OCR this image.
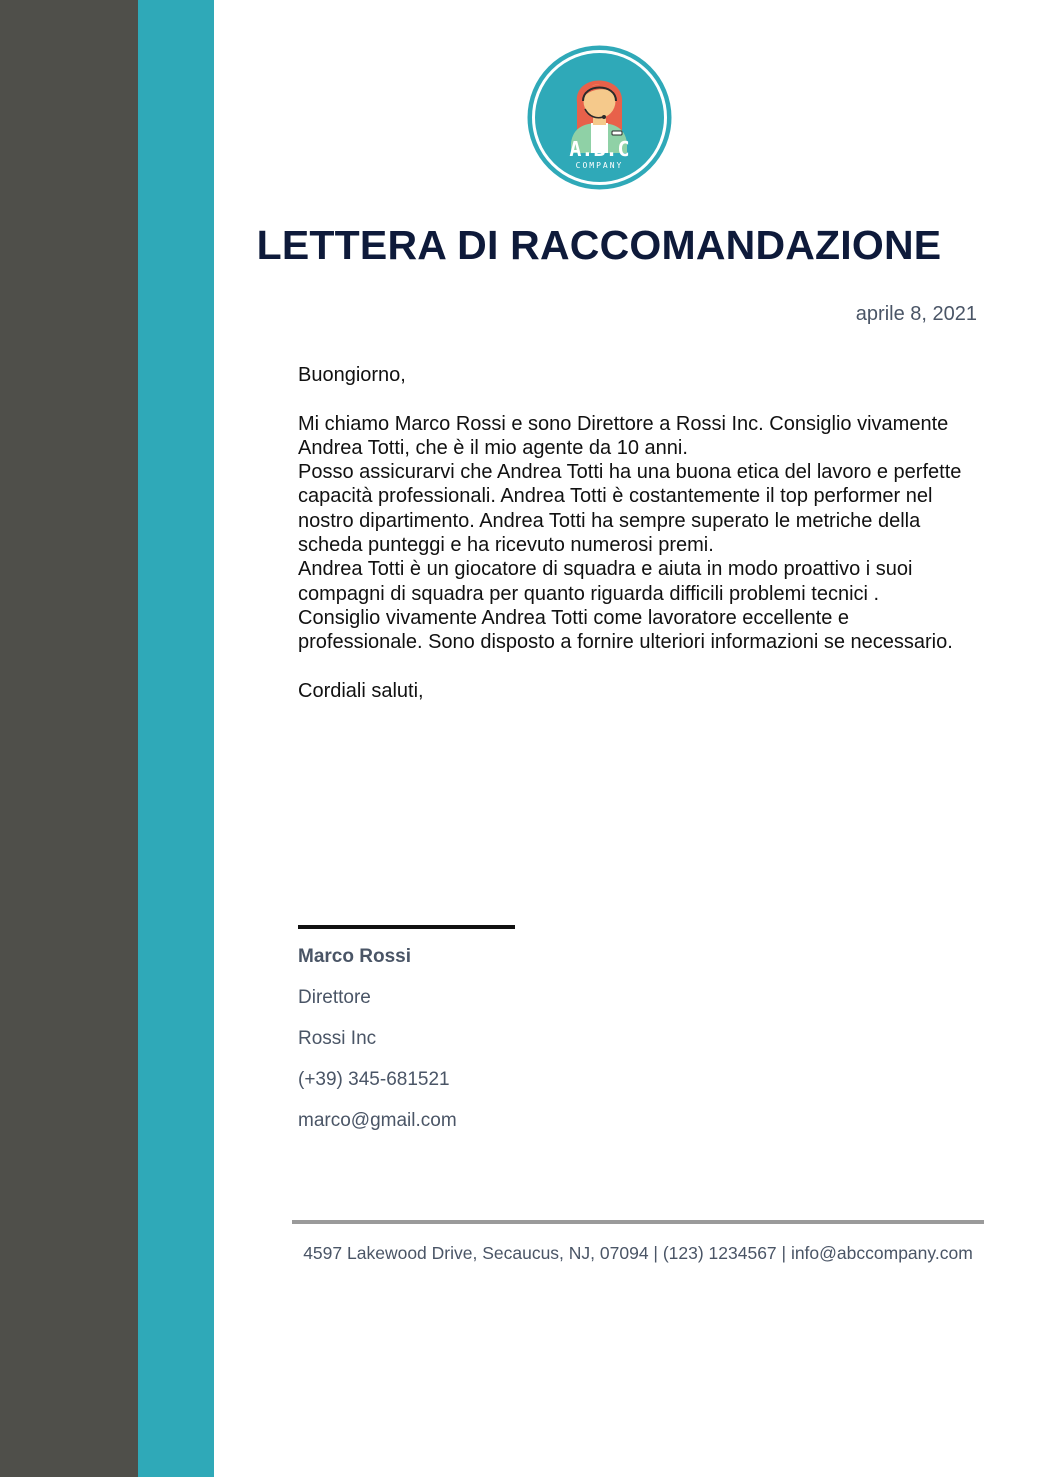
A.B.C
COMPANY
LETTERA DI RACCOMANDAZIONE
aprile 8, 2021

Buongiorno,

Mi chiamo Marco Rossi e sono Direttore a Rossi Inc. Consiglio vivamente Andrea Totti, che è il mio agente da 10 anni.

Posso assicurarvi che Andrea Totti ha una buona etica del lavoro e perfette capacità professionali. Andrea Totti è costantemente il top performer nel nostro dipartimento. Andrea Totti ha sempre superato le metriche della scheda punteggi e ha ricevuto numerosi premi.

Andrea Totti è un giocatore di squadra e aiuta in modo proattivo i suoi compagni di squadra per quanto riguarda difficili problemi tecnici .

Consiglio vivamente Andrea Totti come lavoratore eccellente e professionale. Sono disposto a fornire ulteriori informazioni se necessario.

Cordiali saluti,

Marco Rossi
Direttore
Rossi Inc
(+39) 345-681521
marco@gmail.com
4597 Lakewood Drive, Secaucus, NJ, 07094 | (123) 1234567 | info@abccompany.com
